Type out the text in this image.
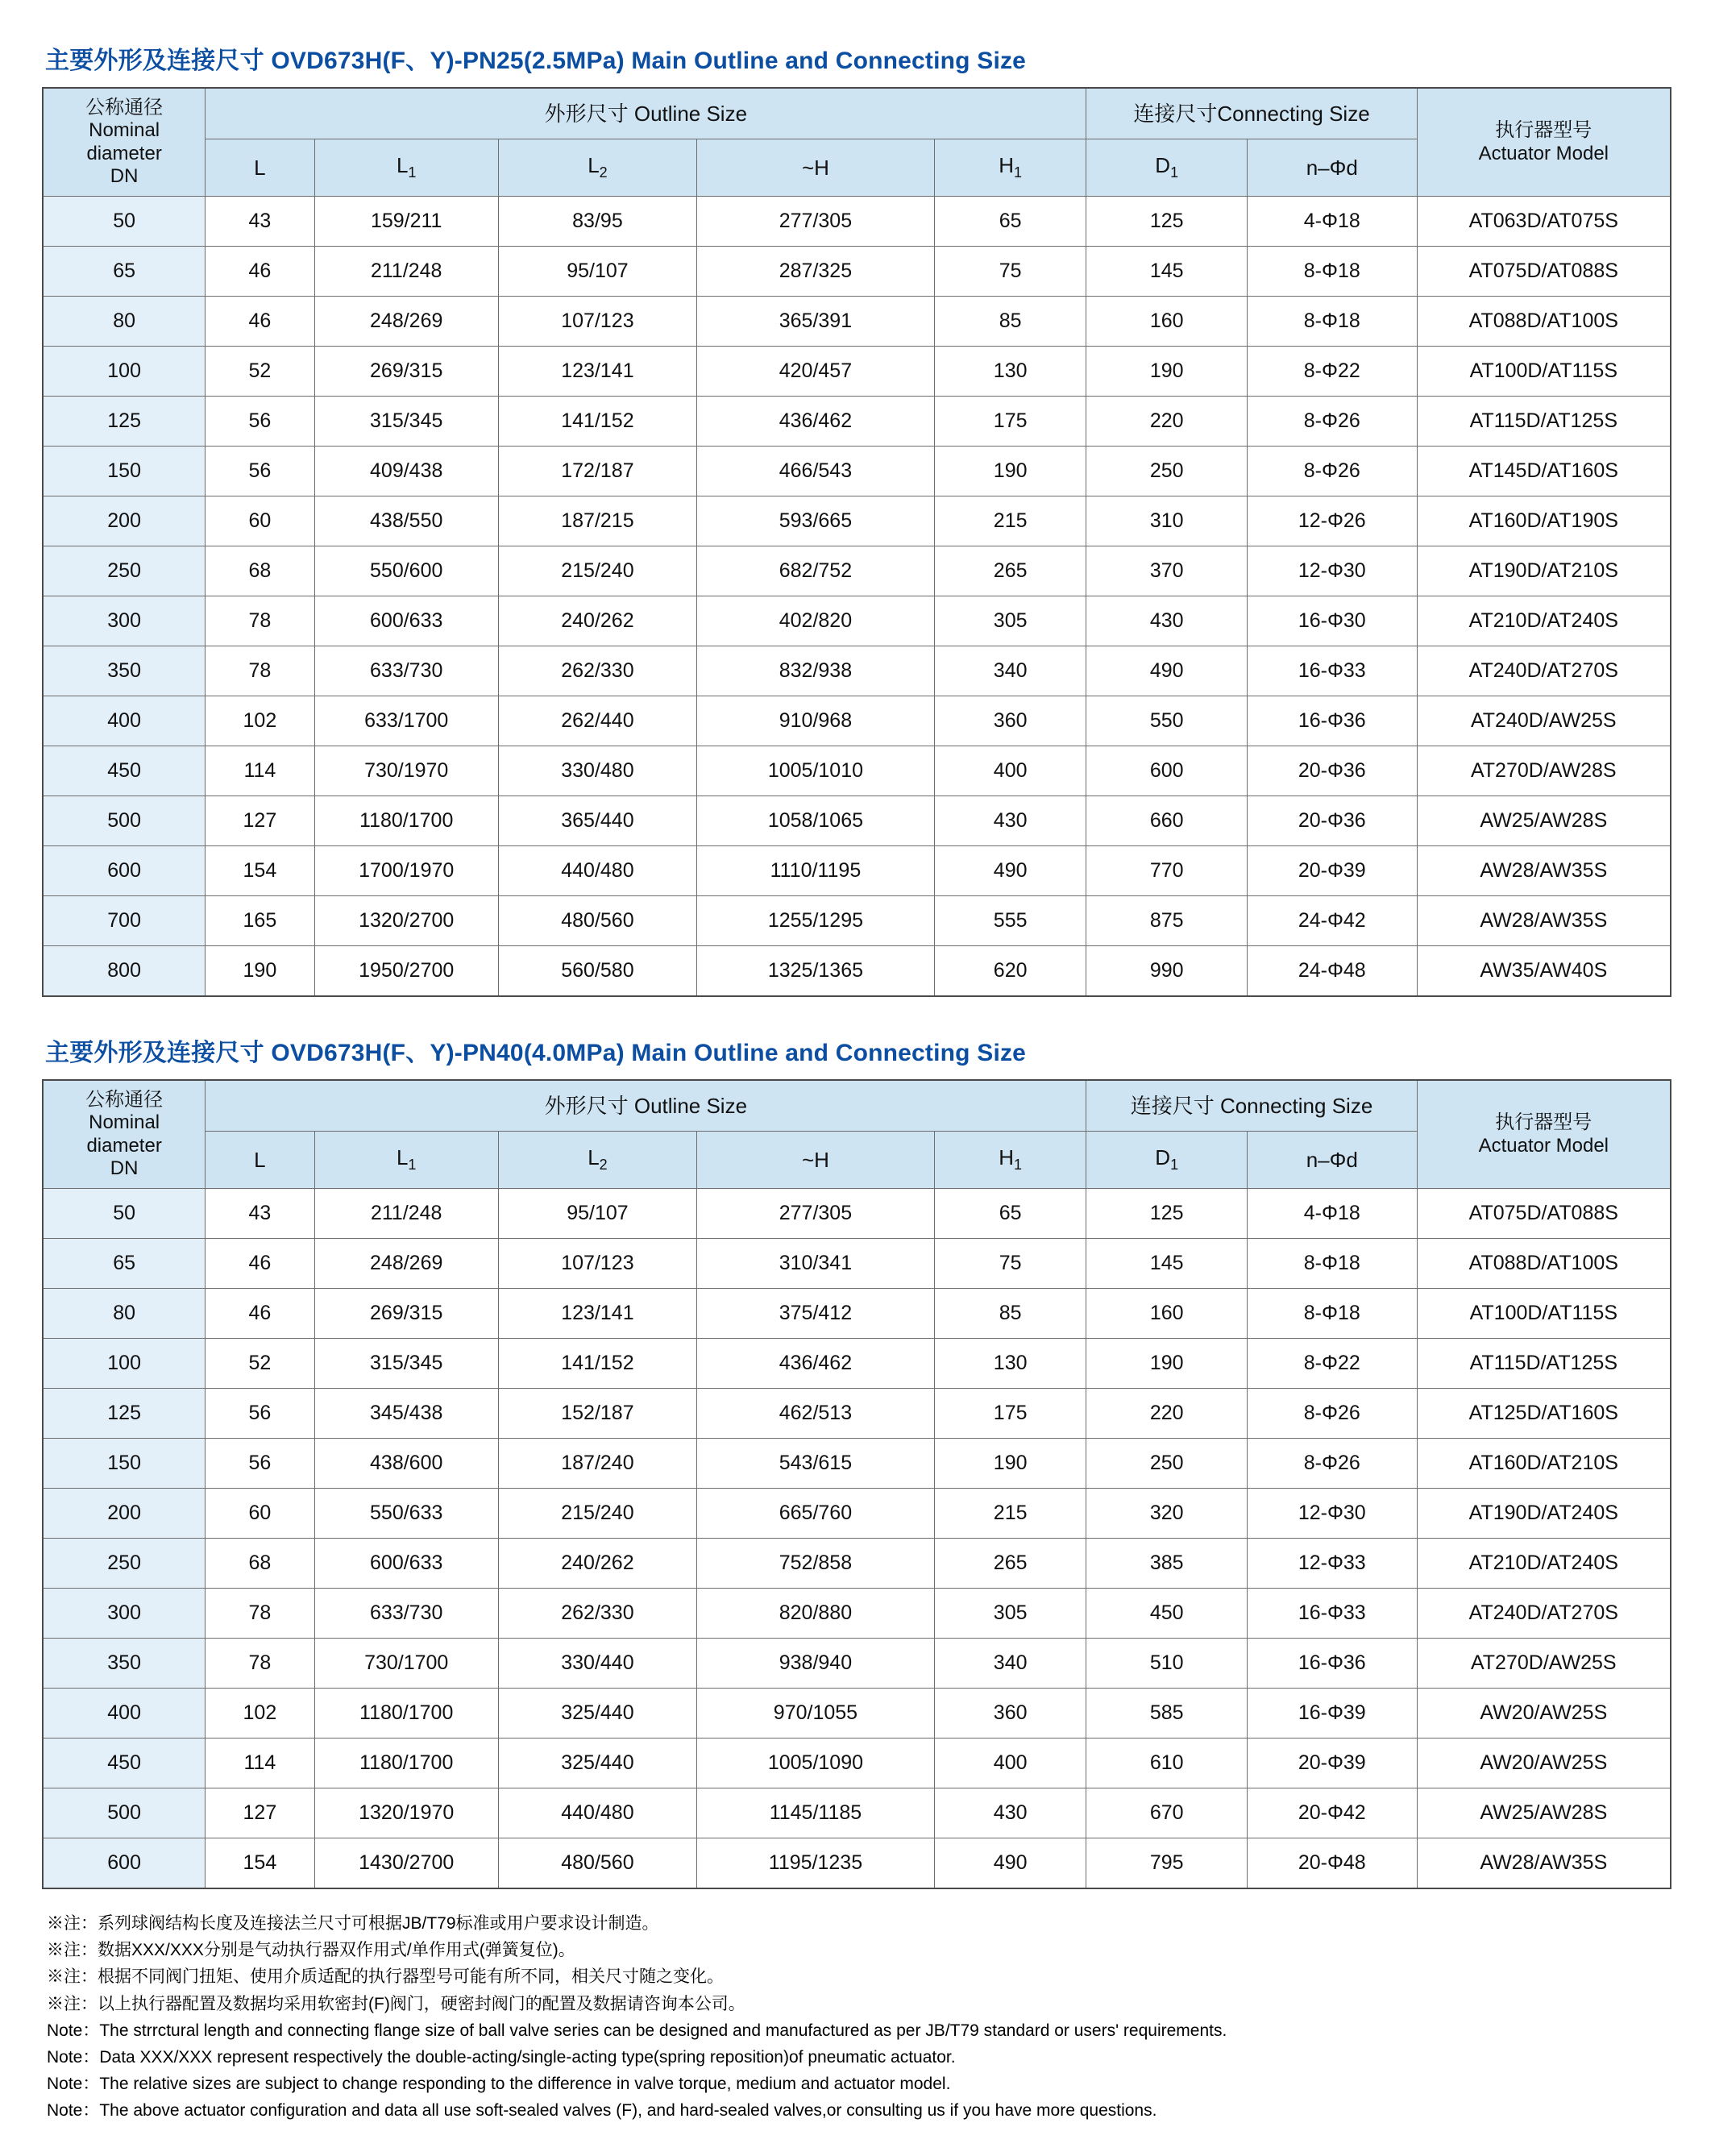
主要外形及连接尺寸 OVD673H(F、Y)-PN25(2.5MPa) Main Outline and Connecting Size
公称通径
Nominal
diameter
DN	外形尺寸 Outline Size					连接尺寸Connecting Size		执行器型号
Actuator Model

	L	$L_1$	$L_2$	~H	$H_1$	$D_1$	n–Φd	
50	43	159/211	83/95	277/305	65	125	4-Φ18	AT063D/AT075S
65	46	211/248	95/107	287/325	75	145	8-Φ18	AT075D/AT088S
80	46	248/269	107/123	365/391	85	160	8-Φ18	AT088D/AT100S
100	52	269/315	123/141	420/457	130	190	8-Φ22	AT100D/AT115S
125	56	315/345	141/152	436/462	175	220	8-Φ26	AT115D/AT125S
150	56	409/438	172/187	466/543	190	250	8-Φ26	AT145D/AT160S
200	60	438/550	187/215	593/665	215	310	12-Φ26	AT160D/AT190S
250	68	550/600	215/240	682/752	265	370	12-Φ30	AT190D/AT210S
300	78	600/633	240/262	402/820	305	430	16-Φ30	AT210D/AT240S
350	78	633/730	262/330	832/938	340	490	16-Φ33	AT240D/AT270S
400	102	633/1700	262/440	910/968	360	550	16-Φ36	AT240D/AW25S
450	114	730/1970	330/480	1005/1010	400	600	20-Φ36	AT270D/AW28S
500	127	1180/1700	365/440	1058/1065	430	660	20-Φ36	AW25/AW28S
600	154	1700/1970	440/480	1110/1195	490	770	20-Φ39	AW28/AW35S
700	165	1320/2700	480/560	1255/1295	555	875	24-Φ42	AW28/AW35S
800	190	1950/2700	560/580	1325/1365	620	990	24-Φ48	AW35/AW40S
主要外形及连接尺寸 OVD673H(F、Y)-PN40(4.0MPa) Main Outline and Connecting Size
公称通径
Nominal
diameter
DN	外形尺寸 Outline Size					连接尺寸 Connecting Size		执行器型号
Actuator Model

	L	$L_1$	$L_2$	~H	$H_1$	$D_1$	n–Φd	
50	43	211/248	95/107	277/305	65	125	4-Φ18	AT075D/AT088S
65	46	248/269	107/123	310/341	75	145	8-Φ18	AT088D/AT100S
80	46	269/315	123/141	375/412	85	160	8-Φ18	AT100D/AT115S
100	52	315/345	141/152	436/462	130	190	8-Φ22	AT115D/AT125S
125	56	345/438	152/187	462/513	175	220	8-Φ26	AT125D/AT160S
150	56	438/600	187/240	543/615	190	250	8-Φ26	AT160D/AT210S
200	60	550/633	215/240	665/760	215	320	12-Φ30	AT190D/AT240S
250	68	600/633	240/262	752/858	265	385	12-Φ33	AT210D/AT240S
300	78	633/730	262/330	820/880	305	450	16-Φ33	AT240D/AT270S
350	78	730/1700	330/440	938/940	340	510	16-Φ36	AT270D/AW25S
400	102	1180/1700	325/440	970/1055	360	585	16-Φ39	AW20/AW25S
450	114	1180/1700	325/440	1005/1090	400	610	20-Φ39	AW20/AW25S
500	127	1320/1970	440/480	1145/1185	430	670	20-Φ42	AW25/AW28S
600	154	1430/2700	480/560	1195/1235	490	795	20-Φ48	AW28/AW35S
※注：系列球阀结构长度及连接法兰尺寸可根据JB/T79标准或用户要求设计制造。
※注：数据XXX/XXX分别是气动执行器双作用式/单作用式(弹簧复位)。
※注：根据不同阀门扭矩、使用介质适配的执行器型号可能有所不同，相关尺寸随之变化。
※注：以上执行器配置及数据均采用软密封(F)阀门，硬密封阀门的配置及数据请咨询本公司。
Note：The strrctural length and connecting flange size of ball valve series can be designed and manufactured as per JB/T79 standard or users' requirements.
Note：Data XXX/XXX represent respectively the double-acting/single-acting type(spring reposition)of pneumatic actuator.
Note：The relative sizes are subject to change responding to the difference in valve torque, medium and actuator model.
Note：The above actuator configuration and data all use soft-sealed valves (F), and hard-sealed valves,or consulting us if you have more questions.
